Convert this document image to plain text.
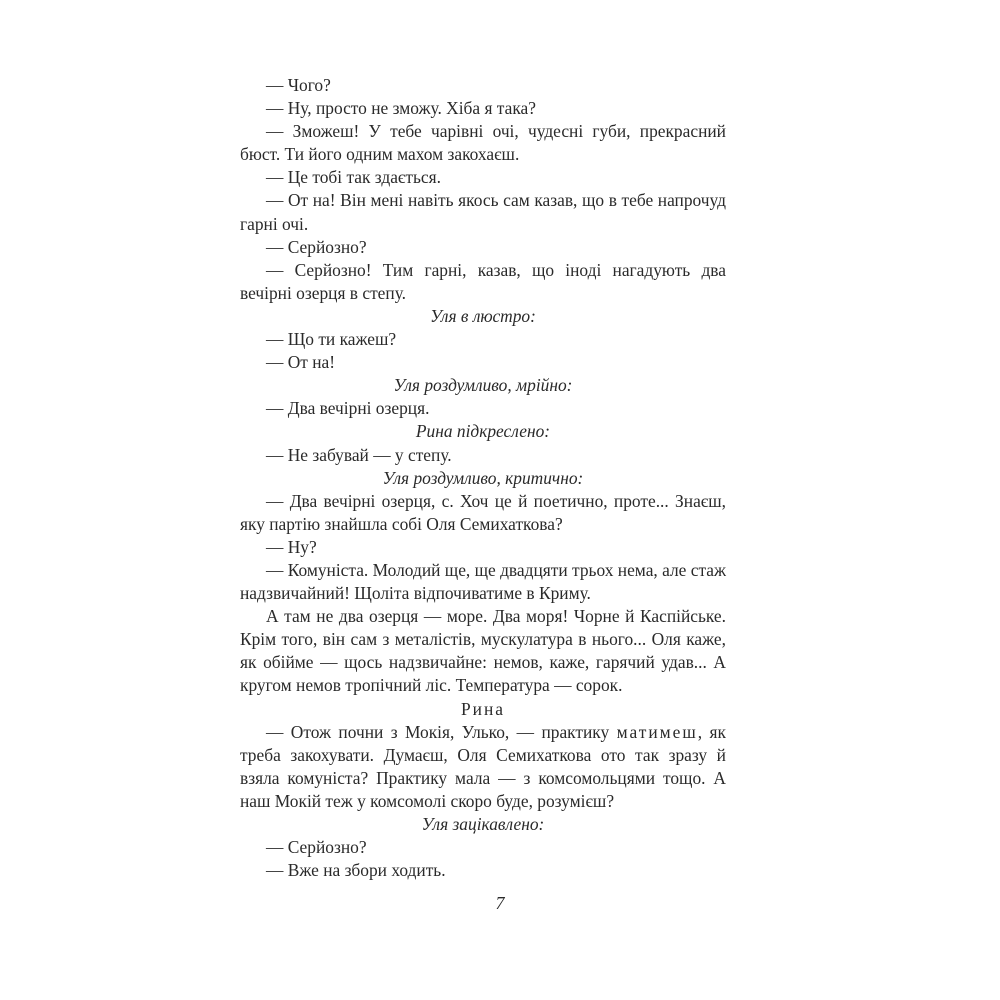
— Чого?

— Ну, просто не зможу. Хіба я така?

— Зможеш! У тебе чарівні очі, чудесні губи, прекрасний бюст. Ти його одним махом закохаєш.

— Це тобі так здається.

— От на! Він мені навіть якось сам казав, що в тебе напрочуд гарні очі.

— Серйозно?

— Серйозно! Тим гарні, казав, що іноді нагадують два вечірні озерця в степу.

Уля в люстро:

— Що ти кажеш?

— От на!

Уля роздумливо, мрійно:

— Два вечірні озерця.

Рина підкреслено:

— Не забувай — у степу.

Уля роздумливо, критично:

— Два вечірні озерця, с. Хоч це й поетично, проте... Знаєш, яку партію знайшла собі Оля Семихаткова?

— Ну?

— Комуніста. Молодий ще, ще двадцяти трьох нема, але стаж надзвичайний! Щоліта відпочиватиме в Криму.

А там не два озерця — море. Два моря! Чорне й Каспійське. Крім того, він сам з металістів, мускулатура в нього... Оля каже, як обійме — щось надзвичайне: немов, каже, гарячий удав... А кругом немов тропічний ліс. Температура — сорок.

Рина

— Отож почни з Мокія, Улько, — практику матимеш, як треба закохувати. Думаєш, Оля Семихаткова ото так зразу й взяла комуніста? Практику мала — з комсомольцями тощо. А наш Мокій теж у комсомолі скоро буде, розумієш?

Уля зацікавлено:

— Серйозно?

— Вже на збори ходить.

7
